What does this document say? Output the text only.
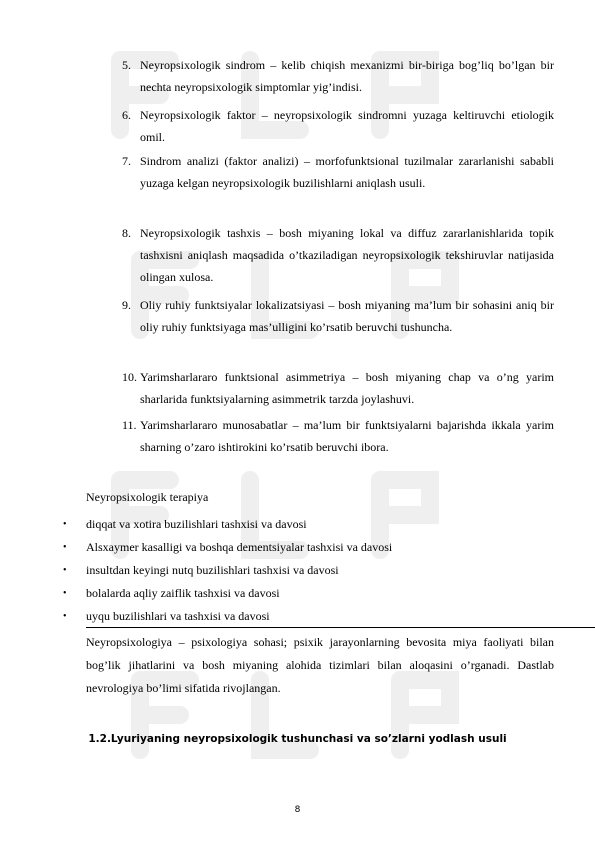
5. Neyropsixologik sindrom – kelib chiqish mexanizmi bir-biriga bog’liq bo’lgan bir nechta neyropsixologik simptomlar yig’indisi.
6. Neyropsixologik faktor – neyropsixologik sindromni yuzaga keltiruvchi etiologik omil.
7. Sindrom analizi (faktor analizi) – morfofunktsional tuzilmalar zararlanishi sababli yuzaga kelgan neyropsixologik buzilishlarni aniqlash usuli.
8. Neyropsixologik tashxis – bosh miyaning lokal va diffuz zararlanishlarida topik tashxisni aniqlash maqsadida o’tkaziladigan neyropsixologik tekshiruvlar natijasida olingan xulosa.
9. Oliy ruhiy funktsiyalar lokalizatsiyasi – bosh miyaning ma’lum bir sohasini aniq bir oliy ruhiy funktsiyaga mas’ulligini ko’rsatib beruvchi tushuncha.
10. Yarimsharlararo funktsional asimmetriya – bosh miyaning chap va o’ng yarim sharlarida funktsiyalarning asimmetrik tarzda joylashuvi.
11. Yarimsharlararo munosabatlar – ma’lum bir funktsiyalarni bajarishda ikkala yarim sharning o’zaro ishtirokini ko’rsatib beruvchi ibora.
Neyropsixologik terapiya
• diqqat va xotira buzilishlari tashxisi va davosi
• Alsxaymer kasalligi va boshqa dementsiyalar tashxisi va davosi
• insultdan keyingi nutq buzilishlari tashxisi va davosi
• bolalarda aqliy zaiflik tashxisi va davosi
• uyqu buzilishlari va tashxisi va davosi
Neyropsixologiya – psixologiya sohasi; psixik jarayonlarning bevosita miya faoliyati bilan bog’lik jihatlarini va bosh miyaning alohida tizimlari bilan aloqasini o’rganadi. Dastlab nevrologiya bo’limi sifatida rivojlangan.
1.2.Lyuriyaning neyropsixologik tushunchasi va so’zlarni yodlash usuli
8
